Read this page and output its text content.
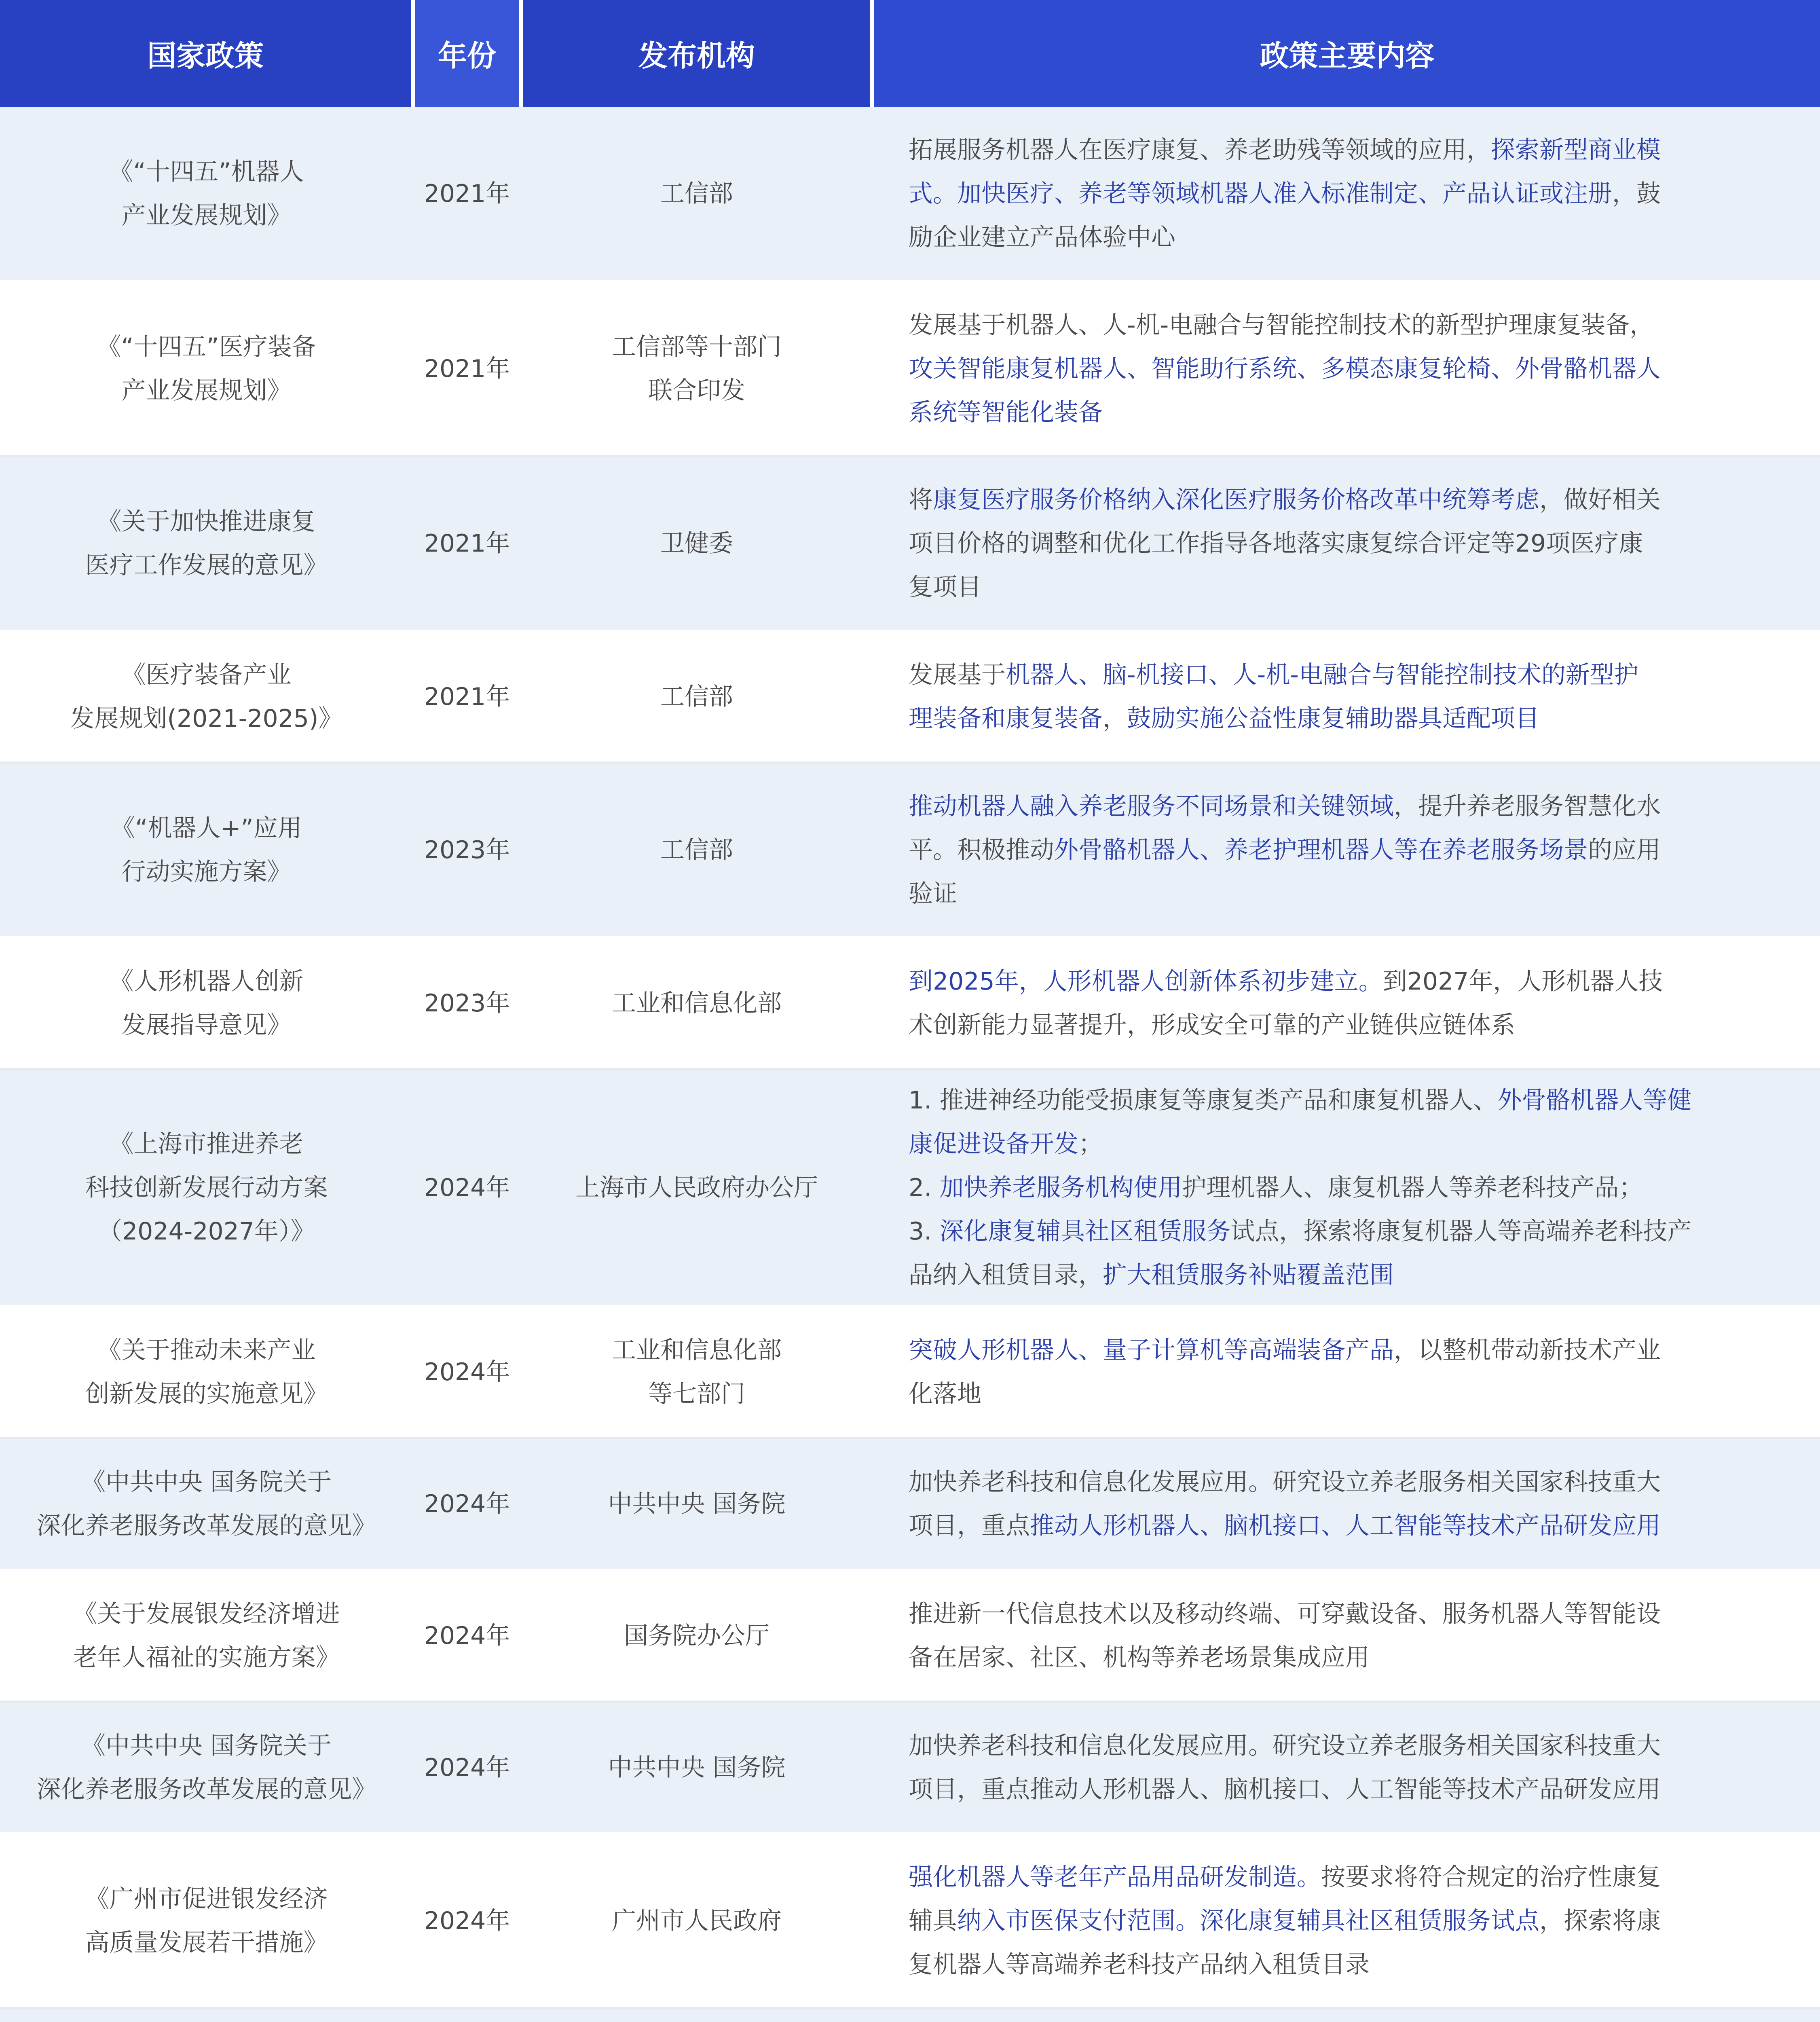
国家政策	年份	发布机构	政策主要内容

《“十四五”机器人
产业发展规划》	2021年	工信部	拓展服务机器人在医疗康复、养老助残等领域的应用，探索新型商业模
式。加快医疗、养老等领域机器人准入标准制定、产品认证或注册，鼓
励企业建立产品体验中心

《“十四五”医疗装备
产业发展规划》	2021年	工信部等十部门
联合印发	发展基于机器人、人-机-电融合与智能控制技术的新型护理康复装备，
攻关智能康复机器人、智能助行系统、多模态康复轮椅、外骨骼机器人
系统等智能化装备

《关于加快推进康复
医疗工作发展的意见》	2021年	卫健委	将康复医疗服务价格纳入深化医疗服务价格改革中统筹考虑，做好相关
项目价格的调整和优化工作指导各地落实康复综合评定等29项医疗康
复项目

《医疗装备产业
发展规划(2021-2025)》	2021年	工信部	发展基于机器人、脑-机接口、人-机-电融合与智能控制技术的新型护
理装备和康复装备，鼓励实施公益性康复辅助器具适配项目

《“机器人+”应用
行动实施方案》	2023年	工信部	推动机器人融入养老服务不同场景和关键领域，提升养老服务智慧化水
平。积极推动外骨骼机器人、养老护理机器人等在养老服务场景的应用
验证

《人形机器人创新
发展指导意见》	2023年	工业和信息化部	到2025年，人形机器人创新体系初步建立。到2027年，人形机器人技
术创新能力显著提升，形成安全可靠的产业链供应链体系

《上海市推进养老
科技创新发展行动方案
（2024-2027年）》	2024年	上海市人民政府办公厅	1. 推进神经功能受损康复等康复类产品和康复机器人、外骨骼机器人等健
康促进设备开发；
2. 加快养老服务机构使用护理机器人、康复机器人等养老科技产品；
3. 深化康复辅具社区租赁服务试点，探索将康复机器人等高端养老科技产
品纳入租赁目录，扩大租赁服务补贴覆盖范围

《关于推动未来产业
创新发展的实施意见》	2024年	工业和信息化部
等七部门	突破人形机器人、量子计算机等高端装备产品，以整机带动新技术产业
化落地

《中共中央 国务院关于
深化养老服务改革发展的意见》	2024年	中共中央 国务院	加快养老科技和信息化发展应用。研究设立养老服务相关国家科技重大
项目，重点推动人形机器人、脑机接口、人工智能等技术产品研发应用

《关于发展银发经济增进
老年人福祉的实施方案》	2024年	国务院办公厅	推进新一代信息技术以及移动终端、可穿戴设备、服务机器人等智能设
备在居家、社区、机构等养老场景集成应用

《中共中央 国务院关于
深化养老服务改革发展的意见》	2024年	中共中央 国务院	加快养老科技和信息化发展应用。研究设立养老服务相关国家科技重大
项目，重点推动人形机器人、脑机接口、人工智能等技术产品研发应用

《广州市促进银发经济
高质量发展若干措施》	2024年	广州市人民政府	强化机器人等老年产品用品研发制造。按要求将符合规定的治疗性康复
辅具纳入市医保支付范围。深化康复辅具社区租赁服务试点，探索将康
复机器人等高端养老科技产品纳入租赁目录
